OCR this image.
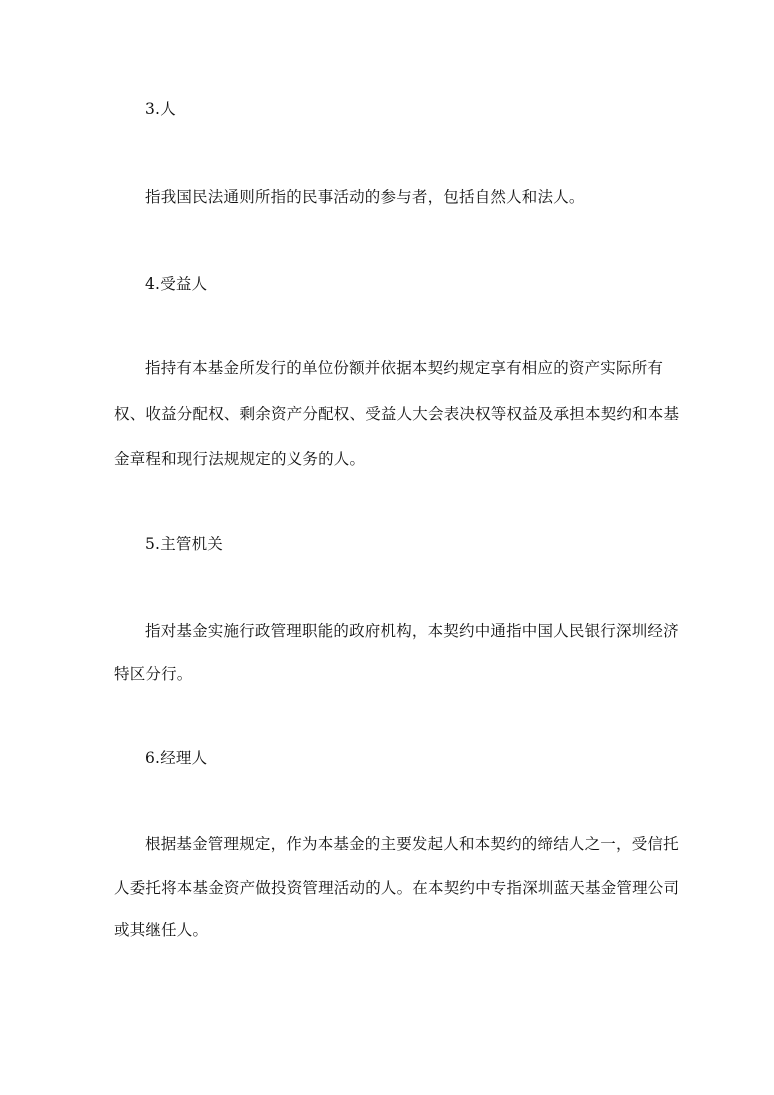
3.人
指我国民法通则所指的民事活动的参与者，包括自然人和法人。
4.受益人
指持有本基金所发行的单位份额并依据本契约规定享有相应的资产实际所有
权、收益分配权、剩余资产分配权、受益人大会表决权等权益及承担本契约和本基
金章程和现行法规规定的义务的人。
5.主管机关
指对基金实施行政管理职能的政府机构，本契约中通指中国人民银行深圳经济
特区分行。
6.经理人
根据基金管理规定，作为本基金的主要发起人和本契约的缔结人之一，受信托
人委托将本基金资产做投资管理活动的人。在本契约中专指深圳蓝天基金管理公司
或其继任人。
